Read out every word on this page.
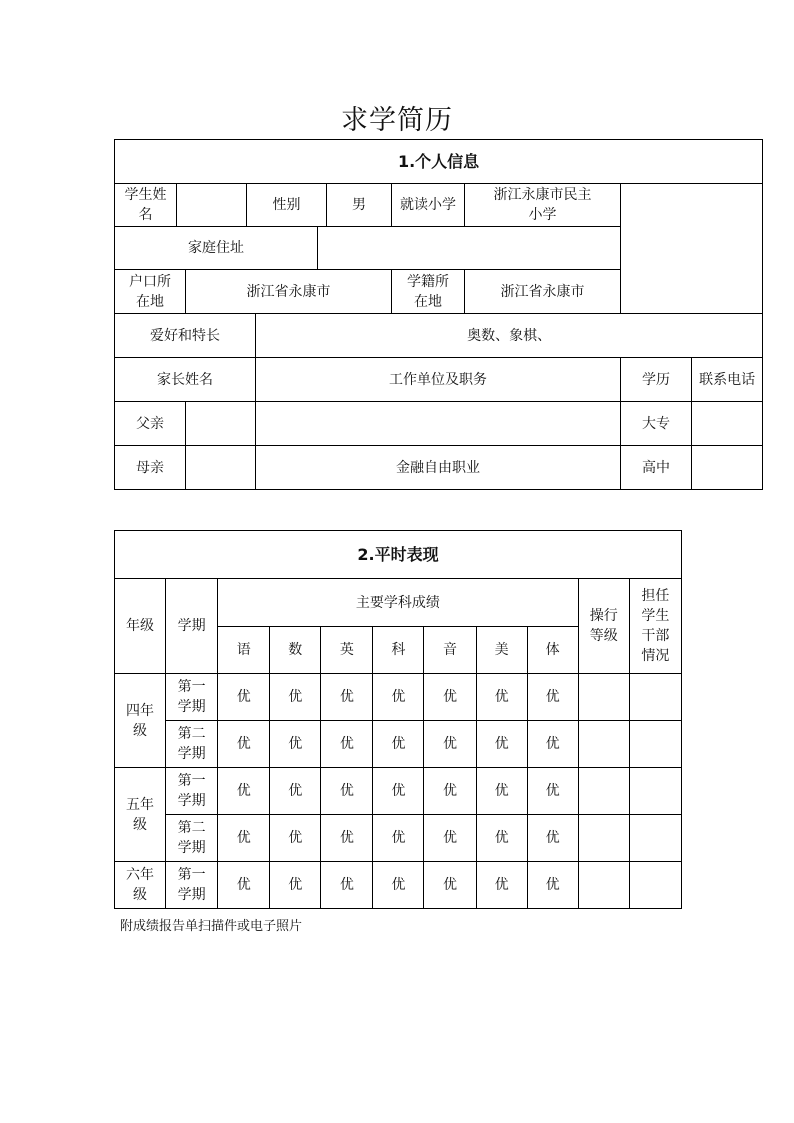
求学简历
1.个人信息										

学生姓名			性别			男	就读小学	浙江永康市民主小学		

家庭住址										

户口所在地		浙江省永康市					学籍所在地	浙江省永康市		
爱好和特长				奥数、象棋、						
家长姓名				工作单位及职务					学历	联系电话
父亲									大专	
母亲				金融自由职业					高中	
2.平时表现										
年级	学期	主要学科成绩							操行等级	担任学生干部情况

		语	数	英	科	音	美	体		

四年级	第一学期	优	优	优	优	优	优	优		

	第二学期	优	优	优	优	优	优	优		

五年级	第一学期	优	优	优	优	优	优	优		

	第二学期	优	优	优	优	优	优	优		

六年级	第一学期	优	优	优	优	优	优	优		
附成绩报告单扫描件或电子照片
